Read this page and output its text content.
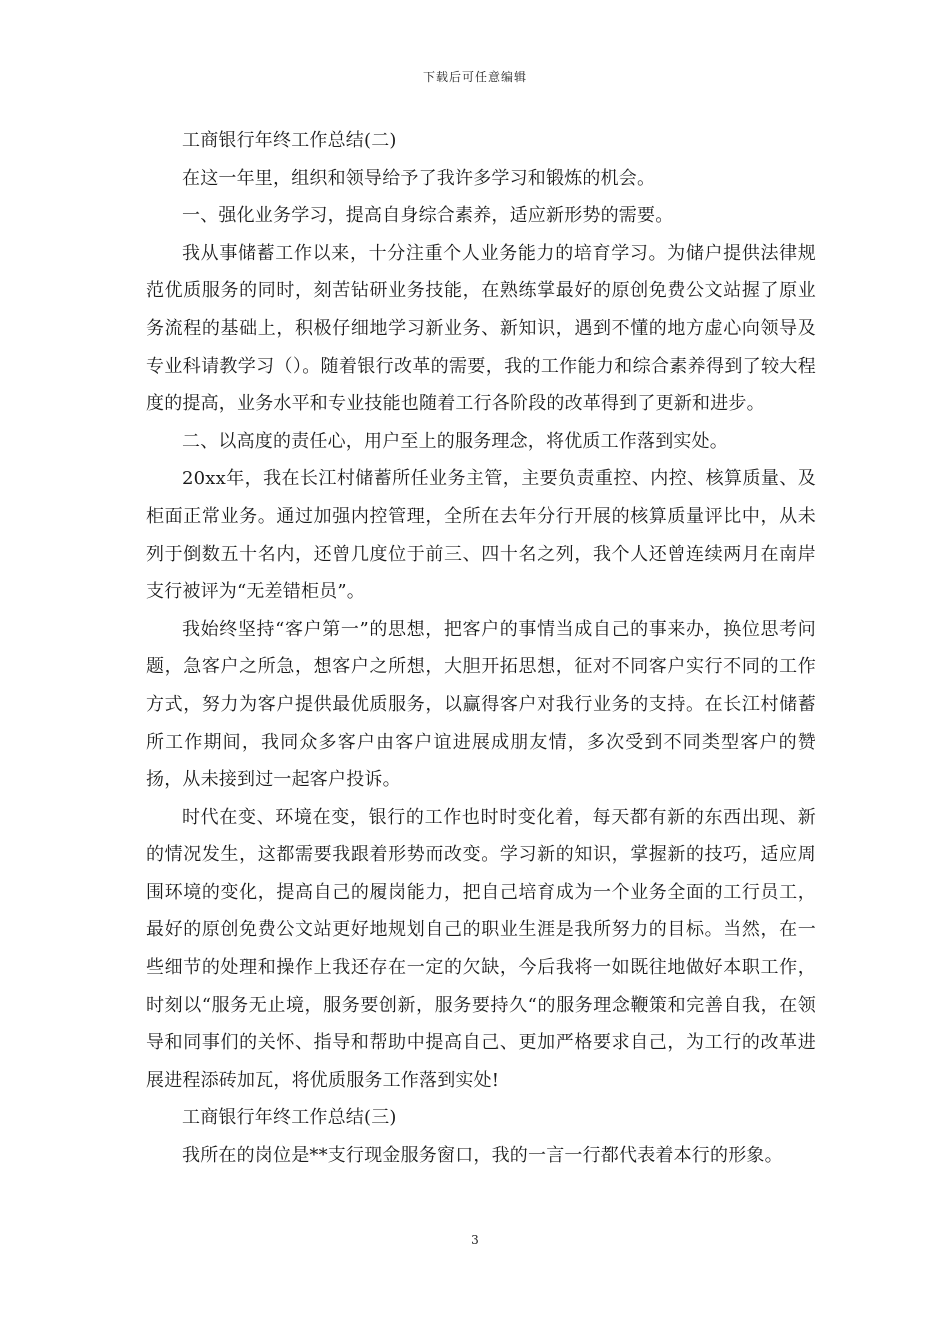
下载后可任意编辑

工商银行年终工作总结(二)

在这一年里，组织和领导给予了我许多学习和锻炼的机会。

一、强化业务学习，提高自身综合素养，适应新形势的需要。

我从事储蓄工作以来，十分注重个人业务能力的培育学习。为储户提供法律规范优质服务的同时，刻苦钻研业务技能，在熟练掌最好的原创免费公文站握了原业务流程的基础上，积极仔细地学习新业务、新知识，遇到不懂的地方虚心向领导及专业科请教学习（）。随着银行改革的需要，我的工作能力和综合素养得到了较大程度的提高，业务水平和专业技能也随着工行各阶段的改革得到了更新和进步。

二、以高度的责任心，用户至上的服务理念，将优质工作落到实处。

20xx年，我在长江村储蓄所任业务主管，主要负责重控、内控、核算质量、及柜面正常业务。通过加强内控管理，全所在去年分行开展的核算质量评比中，从未列于倒数五十名内，还曾几度位于前三、四十名之列，我个人还曾连续两月在南岸支行被评为“无差错柜员”。

我始终坚持“客户第一”的思想，把客户的事情当成自己的事来办，换位思考问题，急客户之所急，想客户之所想，大胆开拓思想，征对不同客户实行不同的工作方式，努力为客户提供最优质服务，以赢得客户对我行业务的支持。在长江村储蓄所工作期间，我同众多客户由客户谊进展成朋友情，多次受到不同类型客户的赞扬，从未接到过一起客户投诉。

时代在变、环境在变，银行的工作也时时变化着，每天都有新的东西出现、新的情况发生，这都需要我跟着形势而改变。学习新的知识，掌握新的技巧，适应周围环境的变化，提高自己的履岗能力，把自己培育成为一个业务全面的工行员工，最好的原创免费公文站更好地规划自己的职业生涯是我所努力的目标。当然，在一些细节的处理和操作上我还存在一定的欠缺，今后我将一如既往地做好本职工作，时刻以“服务无止境，服务要创新，服务要持久“的服务理念鞭策和完善自我，在领导和同事们的关怀、指导和帮助中提高自己、更加严格要求自己，为工行的改革进展进程添砖加瓦，将优质服务工作落到实处!

工商银行年终工作总结(三)

我所在的岗位是**支行现金服务窗口，我的一言一行都代表着本行的形象。

3
